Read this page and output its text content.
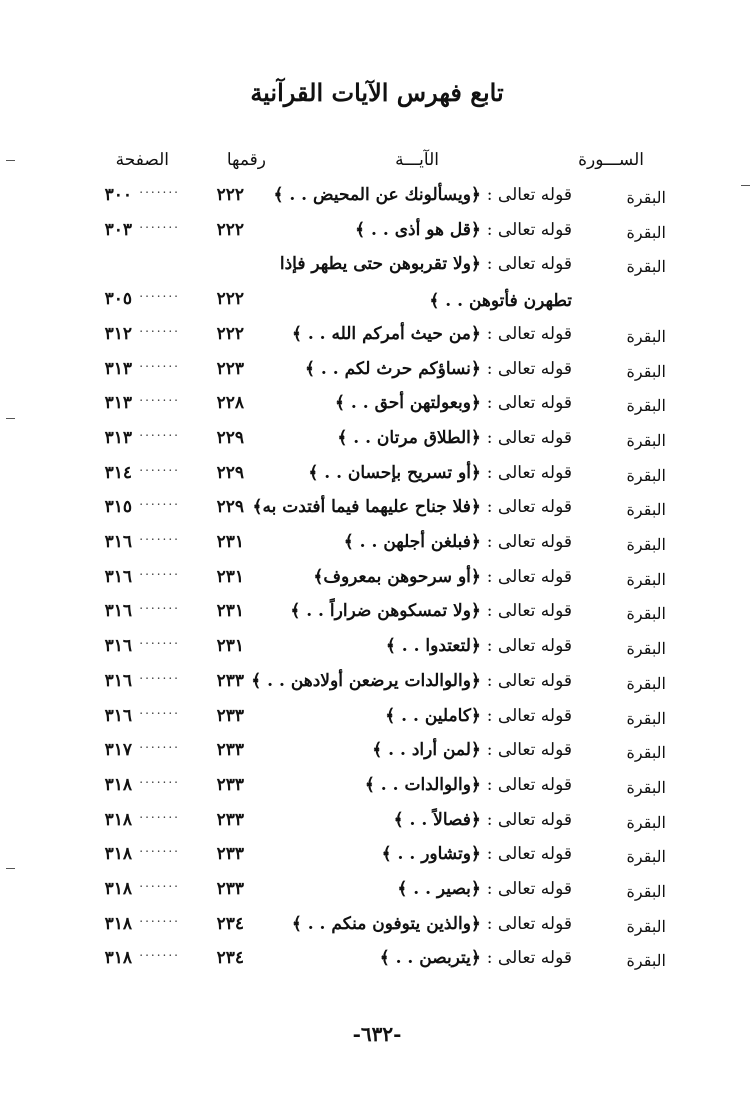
تابع فهرس الآيات القرآنية
الســـورة
الآيـــة
رقمها
الصفحة
البقرة
قوله تعالى : ﴿ويسألونك عن المحيض . . ﴾
٢٢٢
.......
٣٠٠
البقرة
قوله تعالى : ﴿قل هو أذى . . ﴾
٢٢٢
.......
٣٠٣
البقرة
قوله تعالى : ﴿ولا تقربوهن حتى يطهر فإذا
تطهرن فأتوهن . . ﴾
٢٢٢
.......
٣٠٥
البقرة
قوله تعالى : ﴿من حيث أمركم الله . . ﴾
٢٢٢
.......
٣١٢
البقرة
قوله تعالى : ﴿نساؤكم حرث لكم . . ﴾
٢٢٣
.......
٣١٣
البقرة
قوله تعالى : ﴿وبعولتهن أحق . . ﴾
٢٢٨
.......
٣١٣
البقرة
قوله تعالى : ﴿الطلاق مرتان . . ﴾
٢٢٩
.......
٣١٣
البقرة
قوله تعالى : ﴿أو تسريح بإحسان . . ﴾
٢٢٩
.......
٣١٤
البقرة
قوله تعالى : ﴿فلا جناح عليهما فيما أفتدت به﴾
٢٢٩
.......
٣١٥
البقرة
قوله تعالى : ﴿فبلغن أجلهن . . ﴾
٢٣١
.......
٣١٦
البقرة
قوله تعالى : ﴿أو سرحوهن بمعروف﴾
٢٣١
.......
٣١٦
البقرة
قوله تعالى : ﴿ولا تمسكوهن ضراراً . . ﴾
٢٣١
.......
٣١٦
البقرة
قوله تعالى : ﴿لتعتدوا . . ﴾
٢٣١
.......
٣١٦
البقرة
قوله تعالى : ﴿والوالدات يرضعن أولادهن . . ﴾
٢٣٣
.......
٣١٦
البقرة
قوله تعالى : ﴿كاملين . . ﴾
٢٣٣
.......
٣١٦
البقرة
قوله تعالى : ﴿لمن أراد . . ﴾
٢٣٣
.......
٣١٧
البقرة
قوله تعالى : ﴿والوالدات . . ﴾
٢٣٣
.......
٣١٨
البقرة
قوله تعالى : ﴿فصالاً . . ﴾
٢٣٣
.......
٣١٨
البقرة
قوله تعالى : ﴿وتشاور . . ﴾
٢٣٣
.......
٣١٨
البقرة
قوله تعالى : ﴿بصير . . ﴾
٢٣٣
.......
٣١٨
البقرة
قوله تعالى : ﴿والذين يتوفون منكم . . ﴾
٢٣٤
.......
٣١٨
البقرة
قوله تعالى : ﴿يتربصن . . ﴾
٢٣٤
.......
٣١٨
-٦٣٢-
